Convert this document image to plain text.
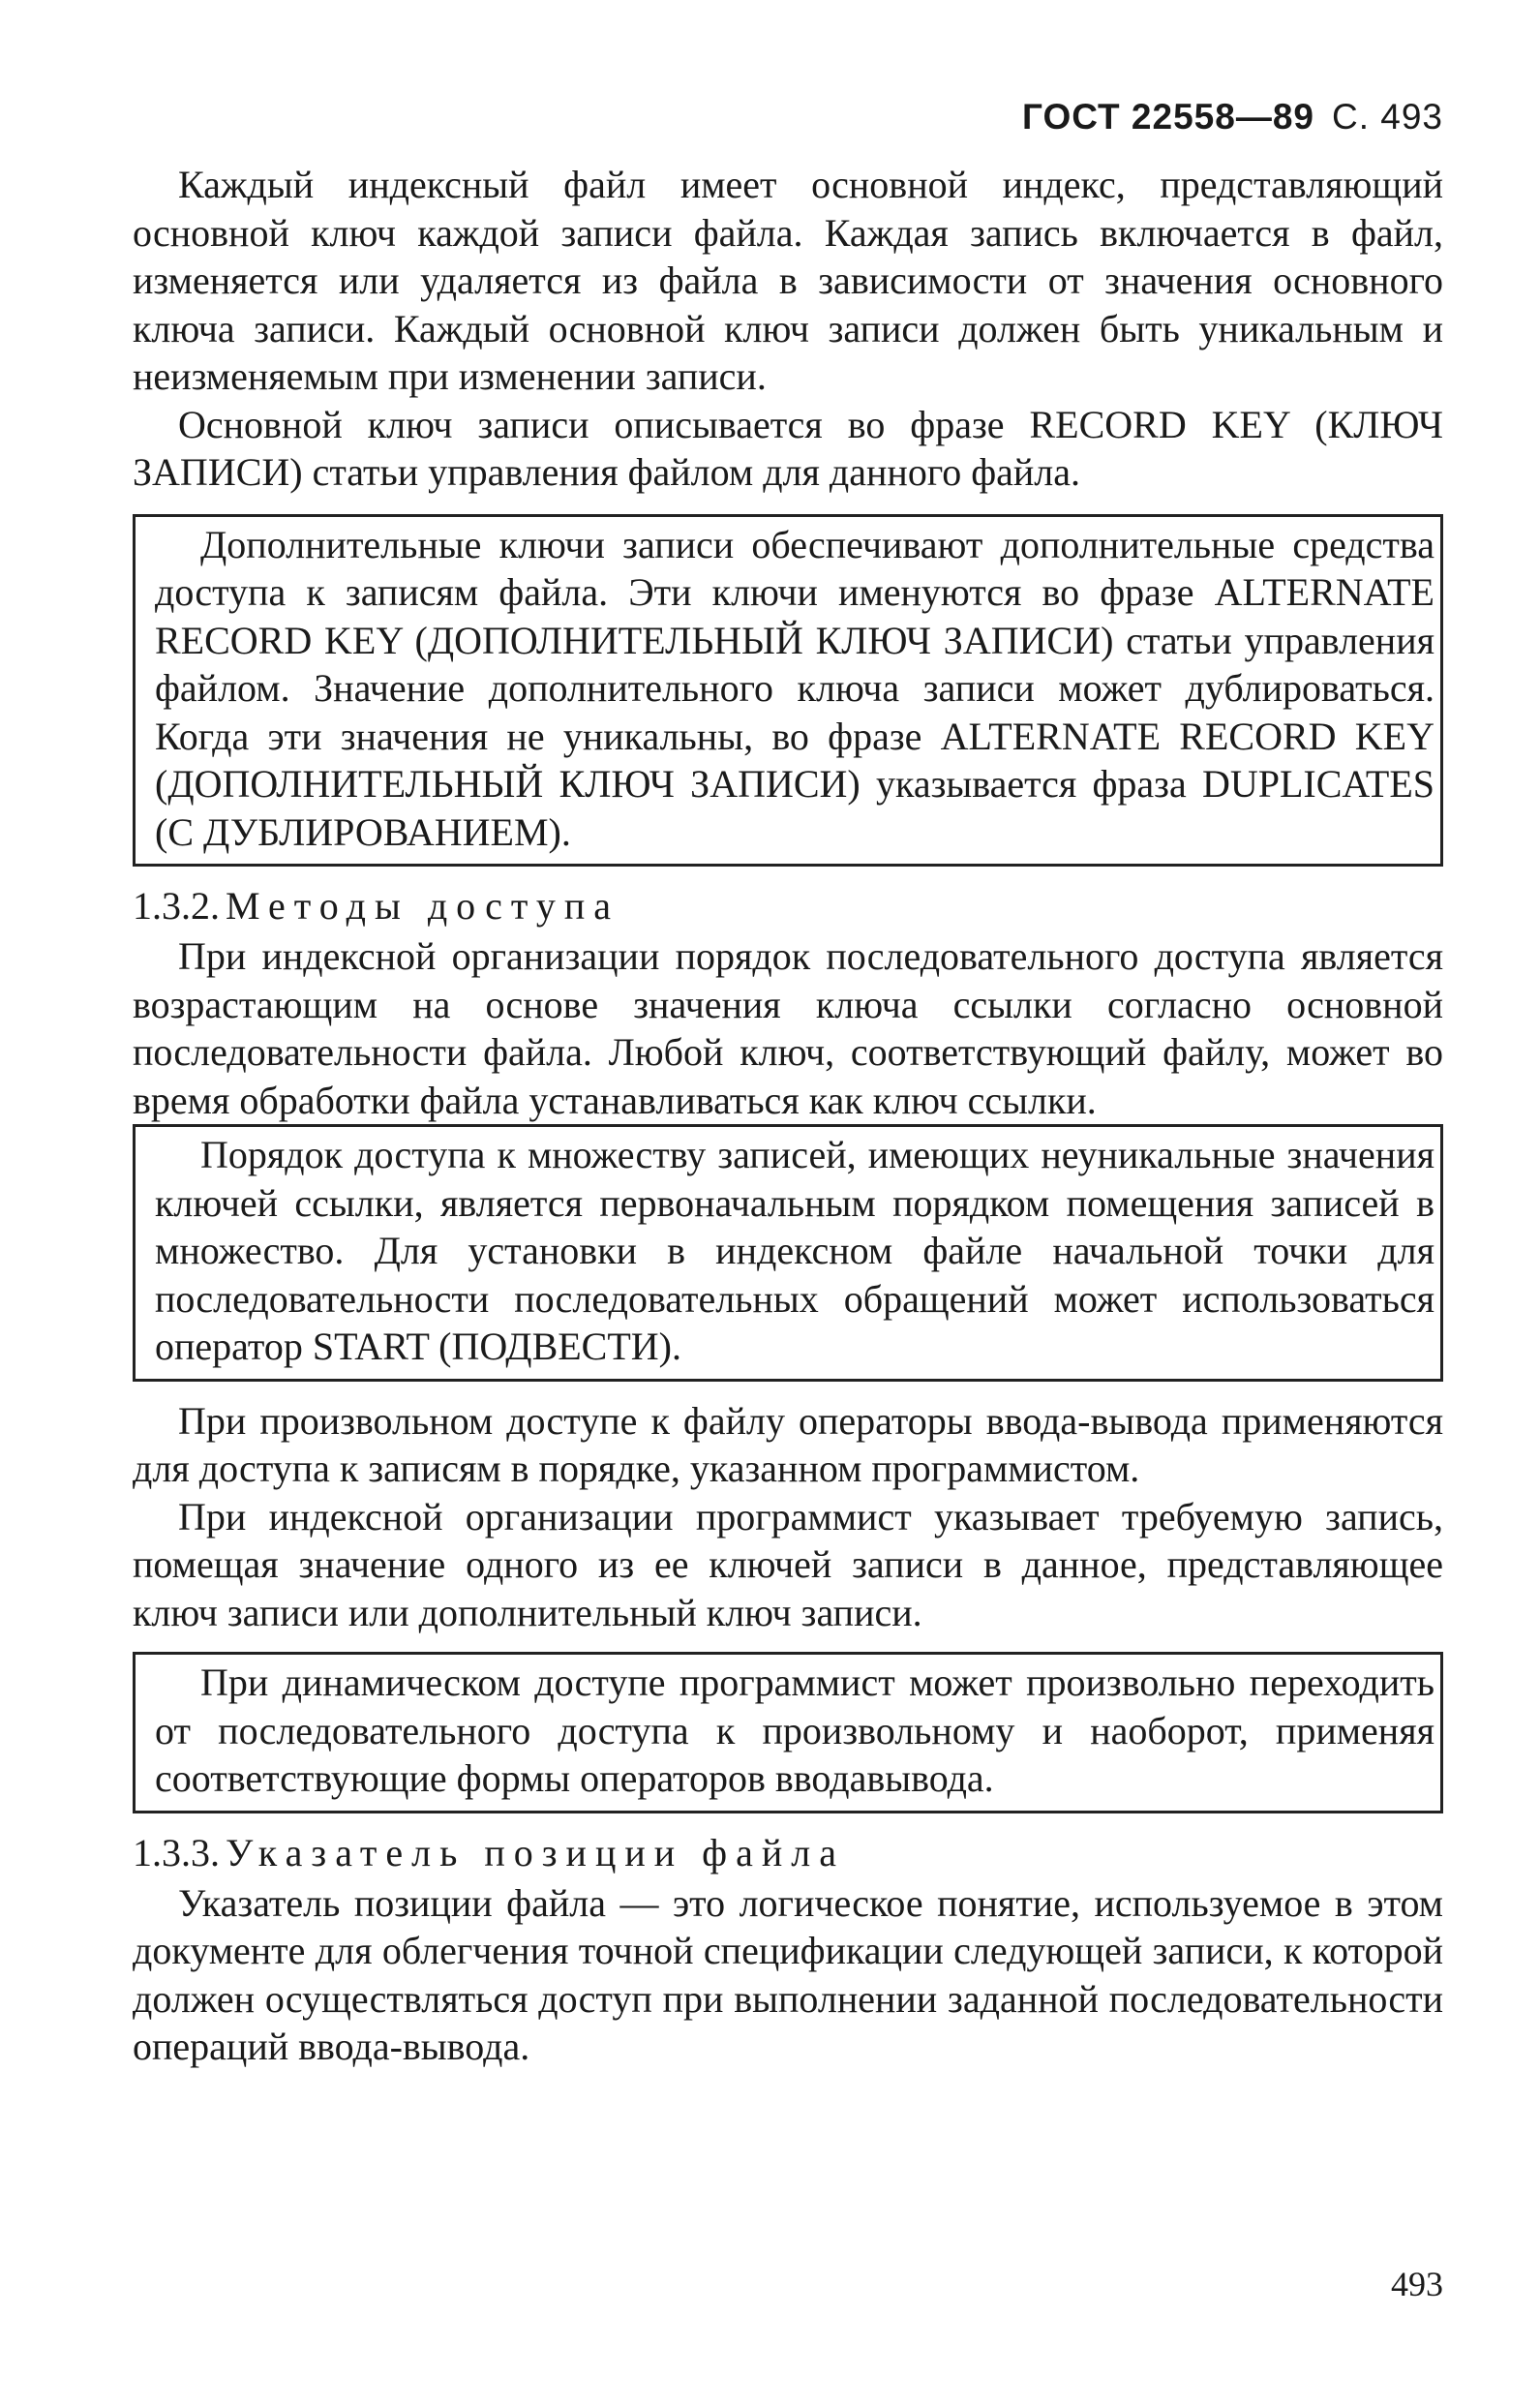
ГОСТ 22558—89 С. 493

Каждый индексный файл имеет основной индекс, представляющий основной ключ каждой записи файла. Каждая запись включается в файл, изменяется или удаляется из файла в зависимости от значения основного ключа записи. Каждый основной ключ записи должен быть уникальным и неизменяемым при изменении записи.

Основной ключ записи описывается во фразе RECORD KEY (КЛЮЧ ЗАПИСИ) статьи управления файлом для данного файла.

Дополнительные ключи записи обеспечивают дополнительные средства доступа к записям файла. Эти ключи именуются во фразе ALTERNATE RECORD KEY (ДОПОЛНИТЕЛЬНЫЙ КЛЮЧ ЗАПИСИ) статьи управления файлом. Значение дополнительного ключа записи может дублироваться. Когда эти значения не уникальны, во фразе ALTERNATE RECORD KEY (ДОПОЛНИТЕЛЬНЫЙ КЛЮЧ ЗАПИСИ) указывается фраза DUPLICATES (С ДУБЛИРОВАНИЕМ).

1.3.2. Методы доступа

При индексной организации порядок последовательного доступа является возрастающим на основе значения ключа ссылки согласно основной последовательности файла. Любой ключ, соответствующий файлу, может во время обработки файла устанавливаться как ключ ссылки.

Порядок доступа к множеству записей, имеющих неуникальные значения ключей ссылки, является первоначальным порядком помещения записей в множество. Для установки в индексном файле начальной точки для последовательности последовательных обращений может использоваться оператор START (ПОДВЕСТИ).

При произвольном доступе к файлу операторы ввода-вывода применяются для доступа к записям в порядке, указанном программистом.

При индексной организации программист указывает требуемую запись, помещая значение одного из ее ключей записи в данное, представляющее ключ записи или дополнительный ключ записи.

При динамическом доступе программист может произвольно переходить от последовательного доступа к произвольному и наоборот, применяя соответствующие формы операторов вводавывода.

1.3.3. Указатель позиции файла

Указатель позиции файла — это логическое понятие, используемое в этом документе для облегчения точной спецификации следующей записи, к которой должен осуществляться доступ при выполнении заданной последовательности операций ввода-вывода.

493
